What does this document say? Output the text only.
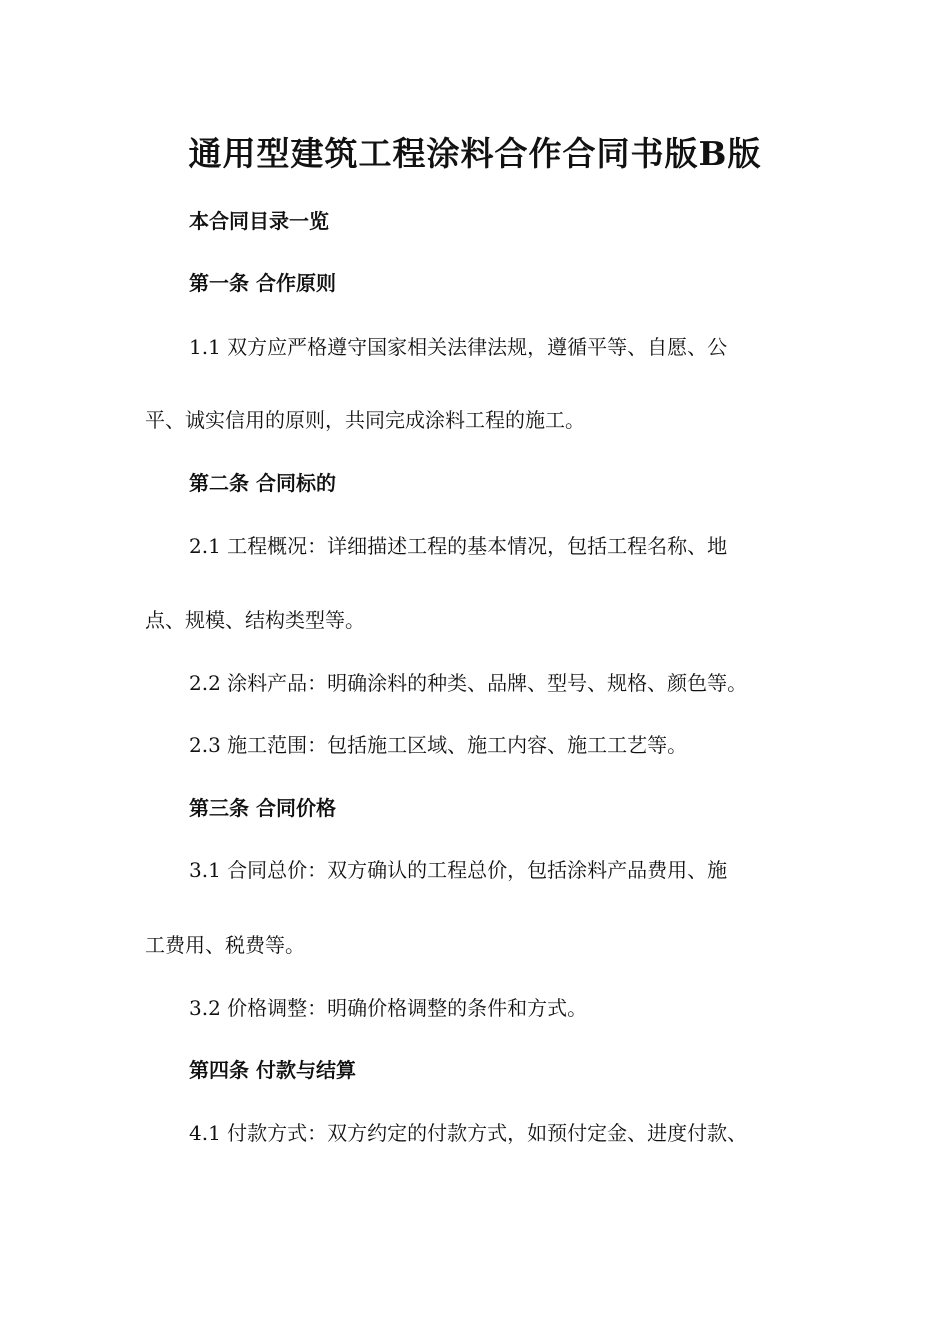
通用型建筑工程涂料合作合同书版B版
本合同目录一览
第一条 合作原则
1.1 双方应严格遵守国家相关法律法规，遵循平等、自愿、公
平、诚实信用的原则，共同完成涂料工程的施工。
第二条 合同标的
2.1 工程概况：详细描述工程的基本情况，包括工程名称、地
点、规模、结构类型等。
2.2 涂料产品：明确涂料的种类、品牌、型号、规格、颜色等。
2.3 施工范围：包括施工区域、施工内容、施工工艺等。
第三条 合同价格
3.1 合同总价：双方确认的工程总价，包括涂料产品费用、施
工费用、税费等。
3.2 价格调整：明确价格调整的条件和方式。
第四条 付款与结算
4.1 付款方式：双方约定的付款方式，如预付定金、进度付款、
